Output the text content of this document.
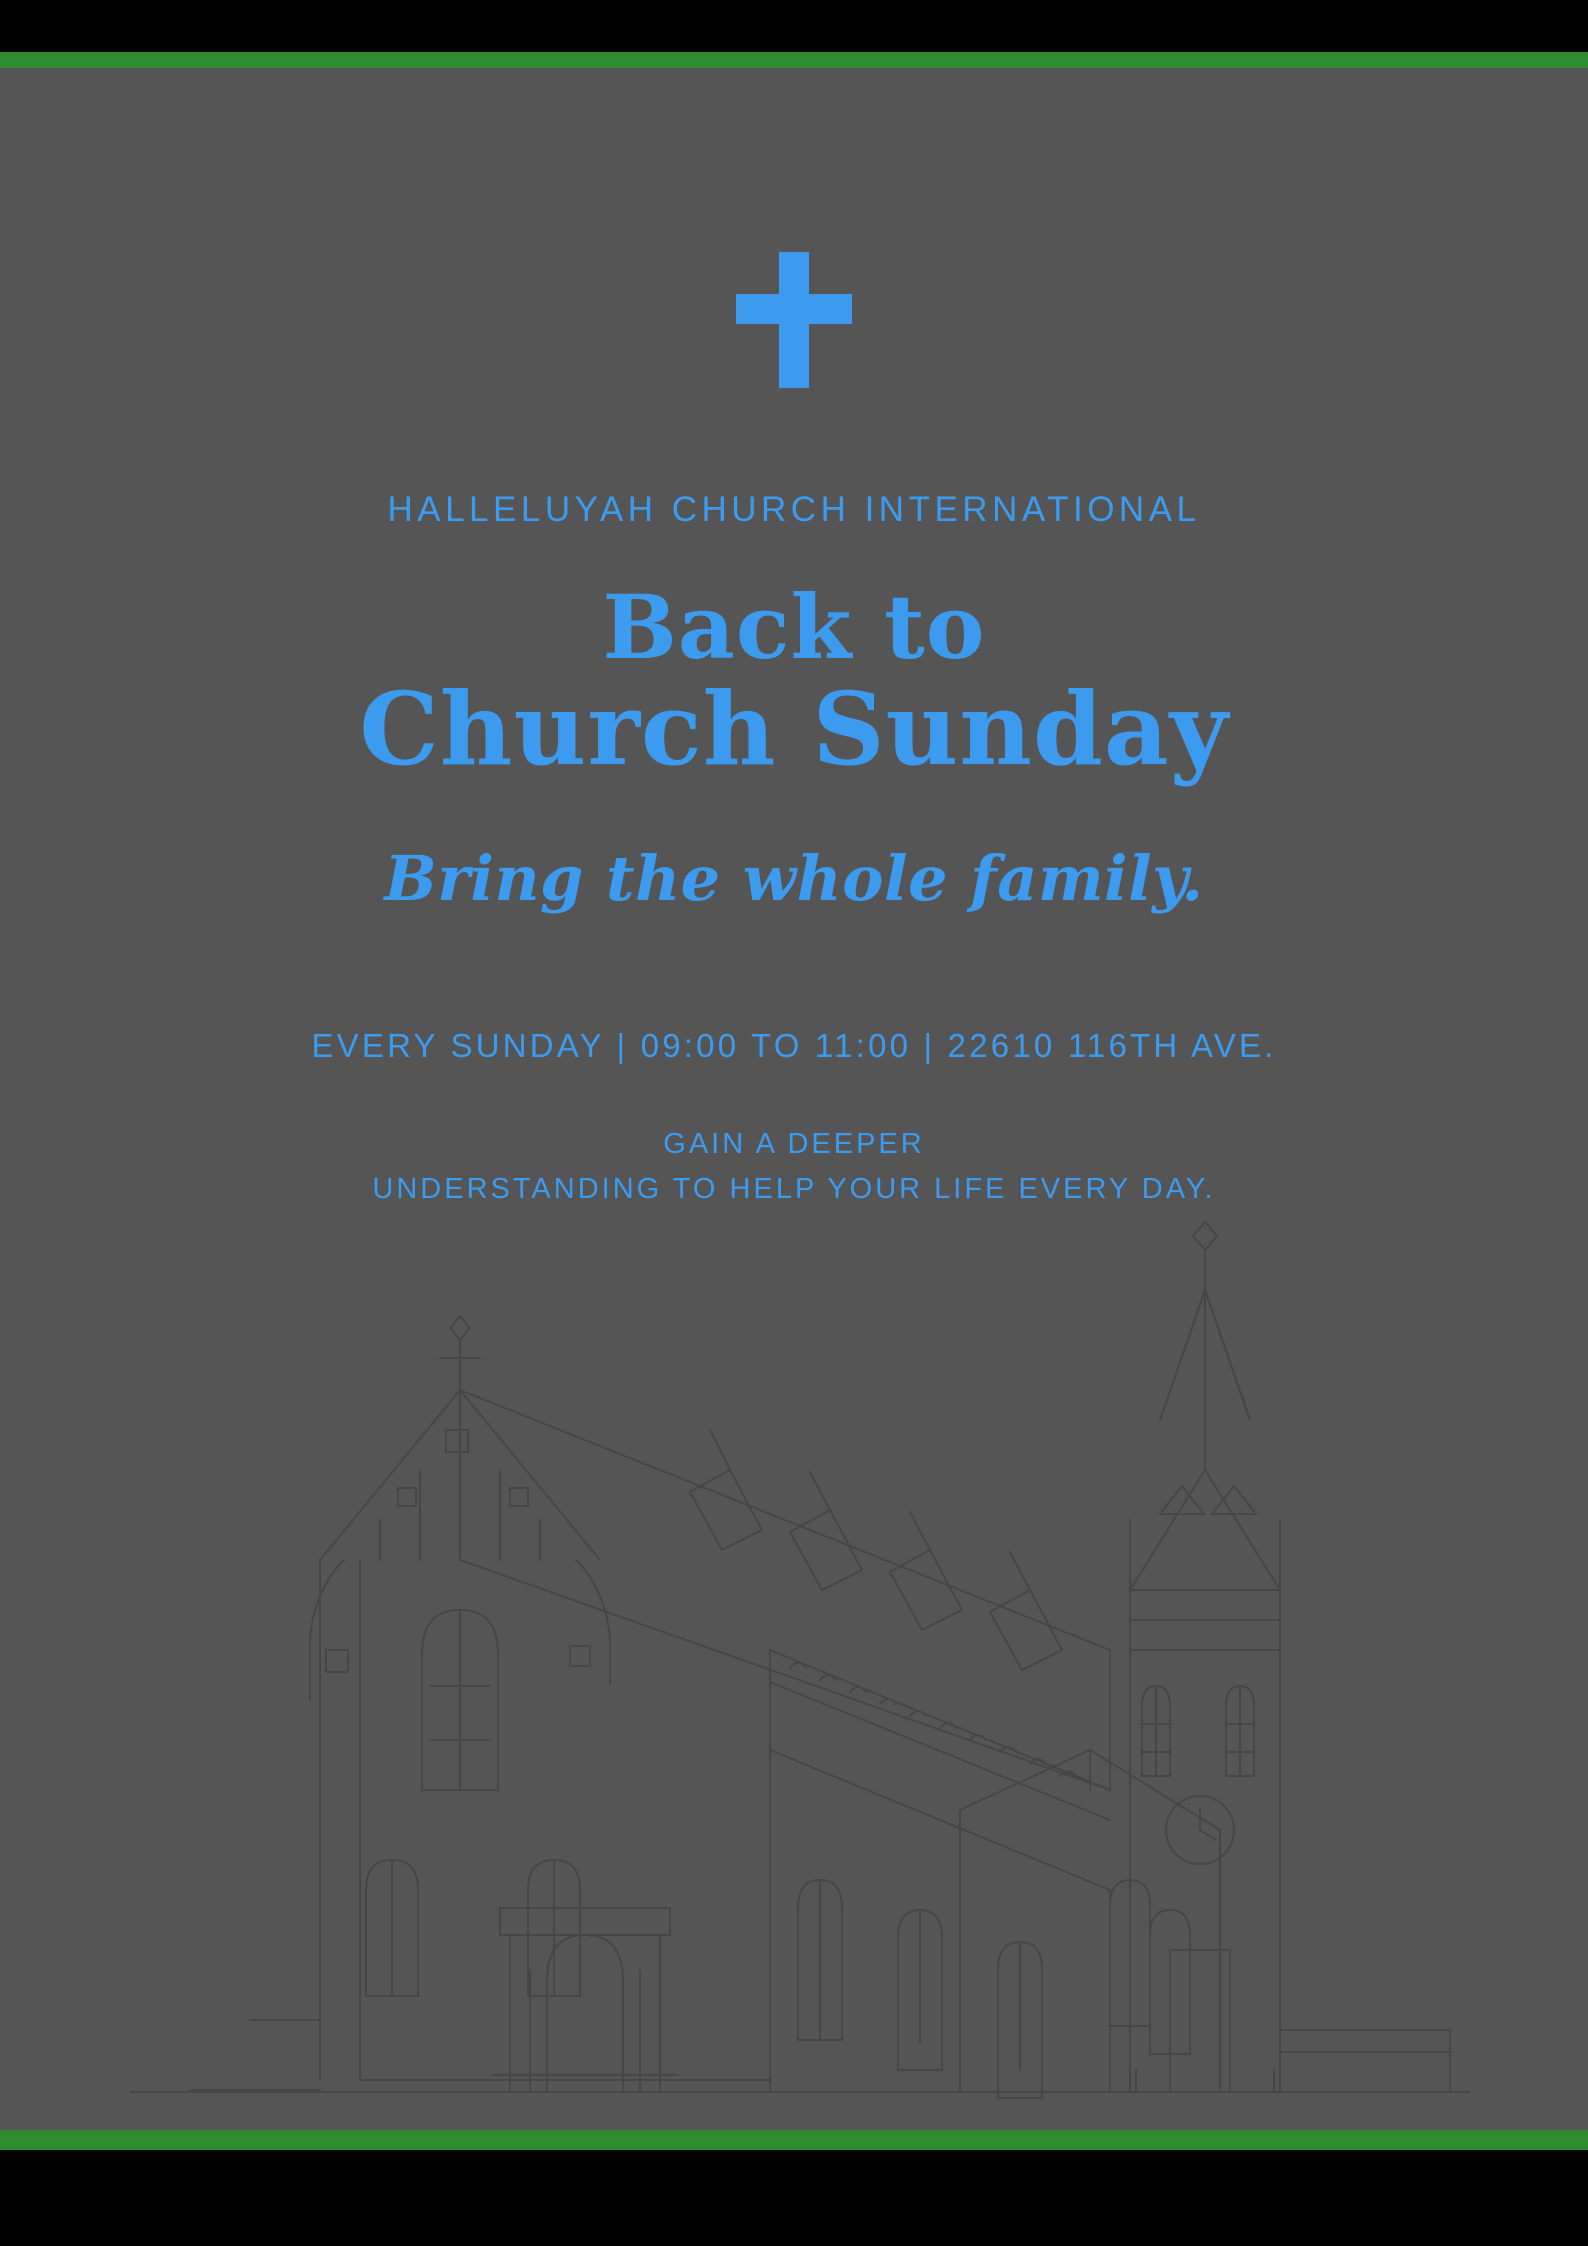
HALLELUYAH CHURCH INTERNATIONAL
Back to
Church Sunday
Bring the whole family.
EVERY SUNDAY | 09:00 TO 11:00 | 22610 116TH AVE.
GAIN A DEEPER
UNDERSTANDING TO HELP YOUR LIFE EVERY DAY.
